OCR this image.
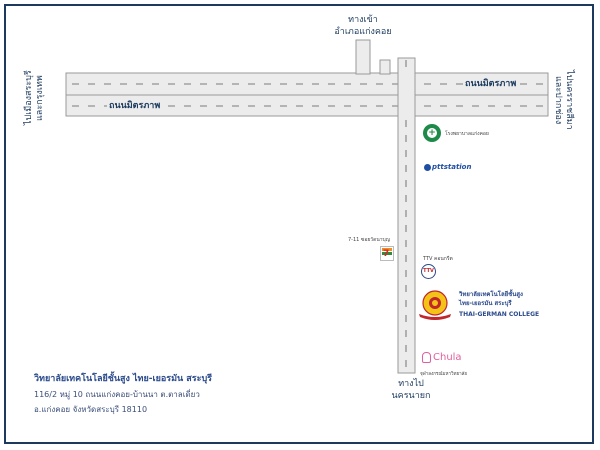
ถนนมิตรภาพ
ถนนมิตรภาพ
ทางเข้า
อำเภอแก่งคอย
ทางไป
นครนายก
ไปเมืองสระบุรี
และกรุงเทพ	ไปนครราชสีมา
และปากช่อง
+ โรงพยาบาลแก่งคอย
pttstation
7-11 ซอยวัดนาบุญ
7	TTV คอนกรีต
TTV
วิทยาลัยเทคโนโลยีชั้นสูง
ไทย-เยอรมัน สระบุรี
THAI-GERMAN COLLEGE
Chula
จุฬาลงกรณ์มหาวิทยาลัย
วิทยาลัยเทคโนโลยีชั้นสูง ไทย-เยอรมัน สระบุรี
116/2 หมู่ 10 ถนนแก่งคอย-บ้านนา ต.ตาลเดี่ยว
อ.แก่งคอย จังหวัดสระบุรี 18110
